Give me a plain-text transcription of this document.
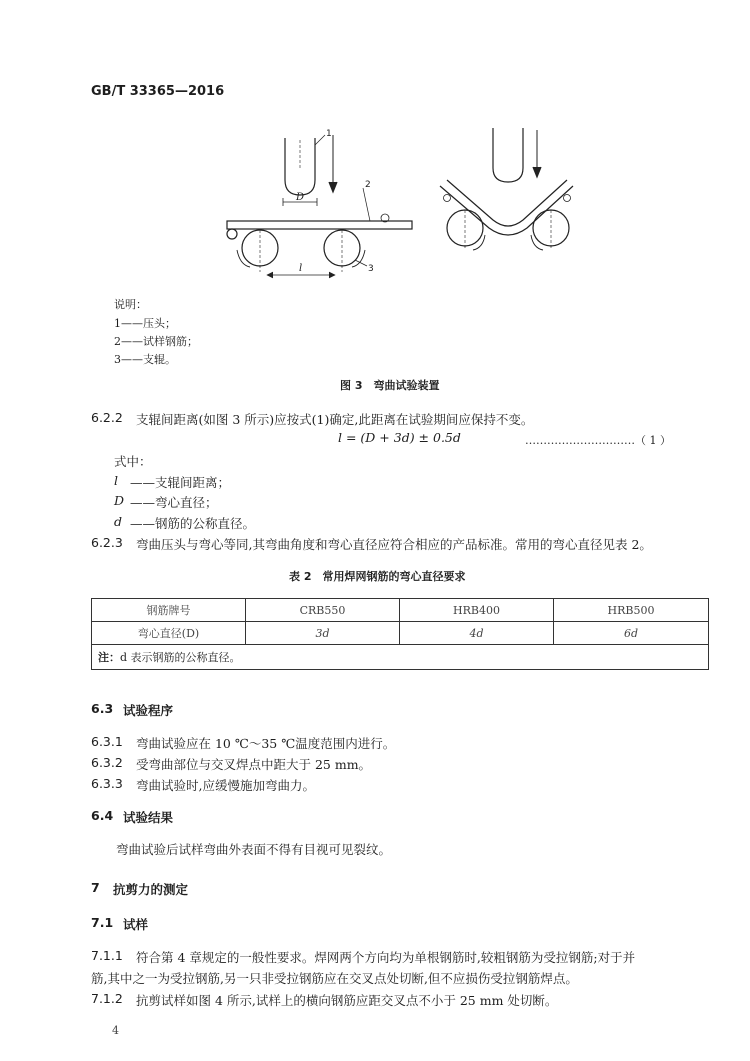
GB/T 33365—2016
1
2
3
D
l
说明：
1——压头；
2——试样钢筋；
3——支辊。
图 3　弯曲试验装置
6.2.2 支辊间距离(如图 3 所示)应按式(1)确定,此距离在试验期间应保持不变。
l = (D + 3d) ± 0.5d	…………………………（ 1 ）
式中：
l ——支辊间距离；
D ——弯心直径；
d ——钢筋的公称直径。
6.2.3 弯曲压头与弯心等同,其弯曲角度和弯心直径应符合相应的产品标准。常用的弯心直径见表 2。
表 2　常用焊网钢筋的弯心直径要求
钢筋牌号	CRB550	HRB400	HRB500
弯心直径(D)	3d	4d	6d
注：d 表示钢筋的公称直径。			
6.3 试验程序
6.3.1 弯曲试验应在 10 ℃～35 ℃温度范围内进行。
6.3.2 受弯曲部位与交叉焊点中距大于 25 mm。
6.3.3 弯曲试验时,应缓慢施加弯曲力。
6.4 试验结果
弯曲试验后试样弯曲外表面不得有目视可见裂纹。
7 抗剪力的测定
7.1 试样
7.1.1 符合第 4 章规定的一般性要求。焊网两个方向均为单根钢筋时,较粗钢筋为受拉钢筋;对于并
筋,其中之一为受拉钢筋,另一只非受拉钢筋应在交叉点处切断,但不应损伤受拉钢筋焊点。
7.1.2 抗剪试样如图 4 所示,试样上的横向钢筋应距交叉点不小于 25 mm 处切断。
4
